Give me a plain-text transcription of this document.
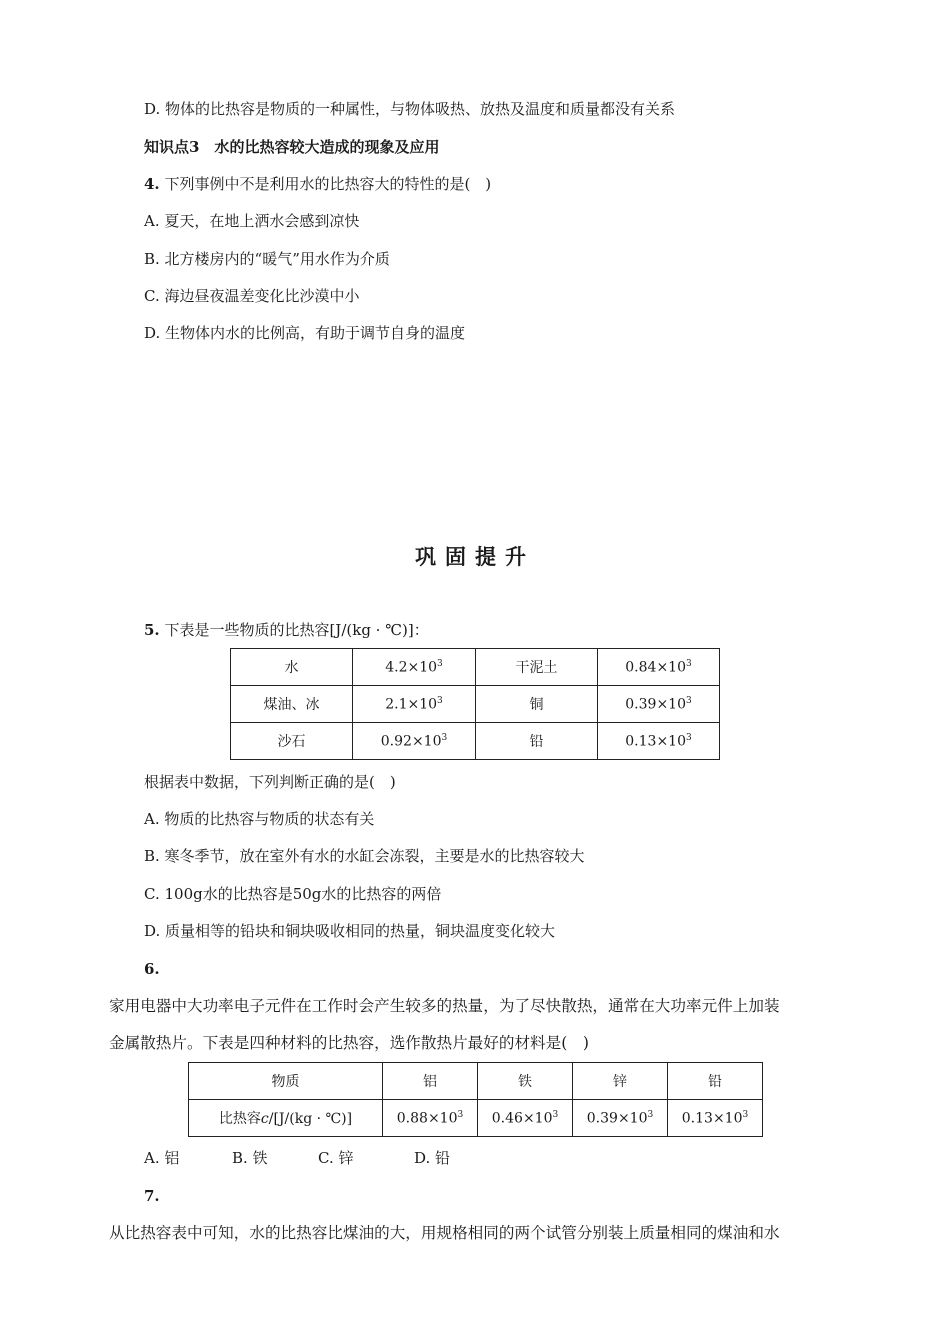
D. 物体的比热容是物质的一种属性，与物体吸热、放热及温度和质量都没有关系
知识点3　水的比热容较大造成的现象及应用
4. 下列事例中不是利用水的比热容大的特性的是(　)
A. 夏天，在地上洒水会感到凉快
B. 北方楼房内的“暖气”用水作为介质
C. 海边昼夜温差变化比沙漠中小
D. 生物体内水的比例高，有助于调节自身的温度
巩固提升
5. 下表是一些物质的比热容[J/(kg · ℃)]：
水	$4.2\times 10^3$	干泥土	$0.84\times 10^3$
煤油、冰	$2.1\times 10^3$	铜	$0.39\times 10^3$
沙石	$0.92\times 10^3$	铅	$0.13\times 10^3$
根据表中数据，下列判断正确的是(　)
A. 物质的比热容与物质的状态有关
B. 寒冬季节，放在室外有水的水缸会冻裂，主要是水的比热容较大
C. 100g水的比热容是50g水的比热容的两倍
D. 质量相等的铅块和铜块吸收相同的热量，铜块温度变化较大
6.
家用电器中大功率电子元件在工作时会产生较多的热量，为了尽快散热，通常在大功率元件上加装
金属散热片。下表是四种材料的比热容，选作散热片最好的材料是(　)
物质	铝	铁	锌	铅
比热容c/[J/(kg · ℃)]	$0.88\times 10^3$	$0.46\times 10^3$	$0.39\times 10^3$	$0.13\times 10^3$
A. 铝	B. 铁	C. 锌	D. 铅
7.
从比热容表中可知，水的比热容比煤油的大，用规格相同的两个试管分别装上质量相同的煤油和水
